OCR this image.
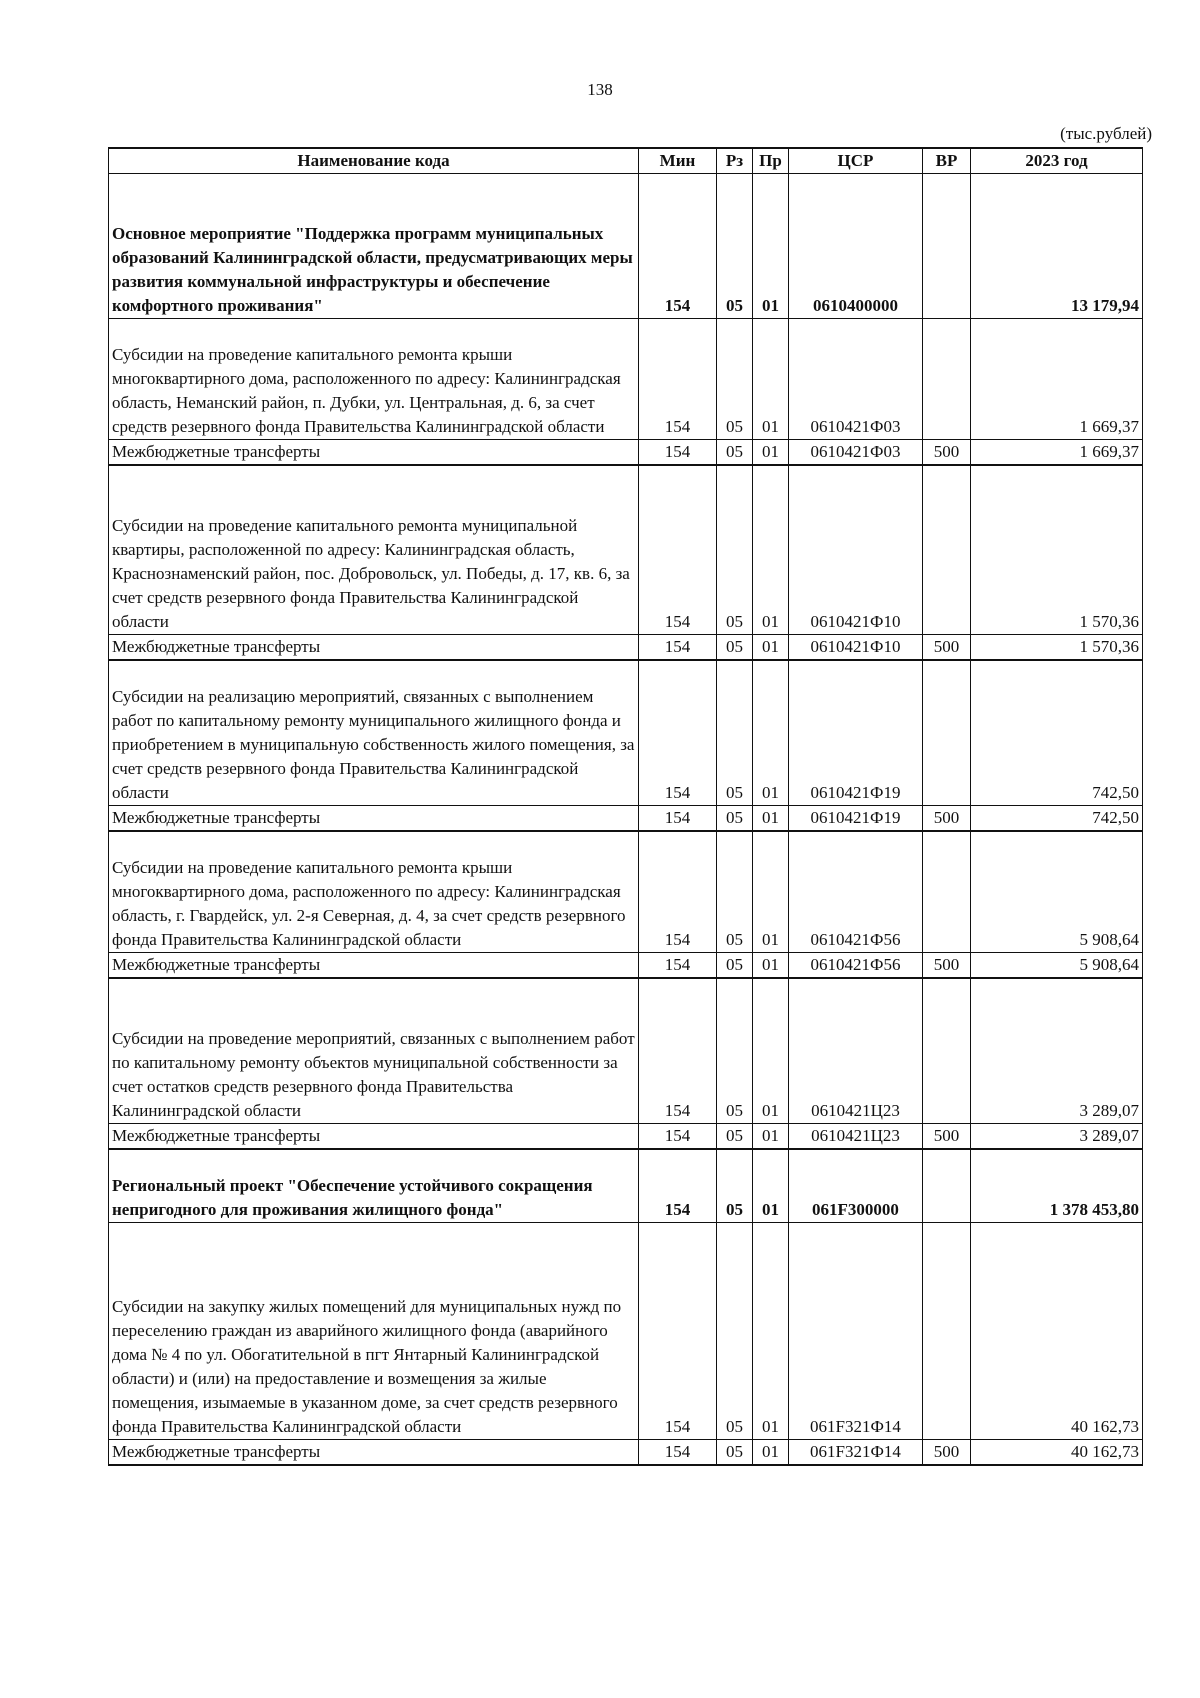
138
(тыс.рублей)
Наименование кода	Мин	Рз	Пр	ЦСР	ВР	2023 год
Основное мероприятие "Поддержка программ муниципальных образований Калининградской области, предусматривающих меры развития коммунальной инфраструктуры и обеспечение комфортного проживания"	154	05	01	0610400000		13 179,94
Субсидии на проведение капитального ремонта крыши многоквартирного дома, расположенного по адресу: Калининградская область, Неманский район, п. Дубки, ул. Центральная, д. 6, за счет средств резервного фонда Правительства Калининградской области	154	05	01	0610421Ф03		1 669,37
Межбюджетные трансферты	154	05	01	0610421Ф03	500	1 669,37
Субсидии на проведение капитального ремонта муниципальной квартиры, расположенной по адресу: Калининградская область, Краснознаменский район, пос. Добровольск, ул. Победы, д. 17, кв. 6, за счет средств резервного фонда Правительства Калининградской области	154	05	01	0610421Ф10		1 570,36
Межбюджетные трансферты	154	05	01	0610421Ф10	500	1 570,36
Субсидии на реализацию мероприятий, связанных с выполнением работ по капитальному ремонту муниципального жилищного фонда и приобретением в муниципальную собственность жилого помещения, за счет средств резервного фонда Правительства Калининградской области	154	05	01	0610421Ф19		742,50
Межбюджетные трансферты	154	05	01	0610421Ф19	500	742,50
Субсидии на проведение капитального ремонта крыши многоквартирного дома, расположенного по адресу: Калининградская область, г. Гвардейск, ул. 2-я Северная, д. 4, за счет средств резервного фонда Правительства Калининградской области	154	05	01	0610421Ф56		5 908,64
Межбюджетные трансферты	154	05	01	0610421Ф56	500	5 908,64
Субсидии на проведение мероприятий, связанных с выполнением работ по капитальному ремонту объектов муниципальной собственности за счет остатков средств резервного фонда Правительства Калининградской области	154	05	01	0610421Ц23		3 289,07
Межбюджетные трансферты	154	05	01	0610421Ц23	500	3 289,07
Региональный проект "Обеспечение устойчивого сокращения непригодного для проживания жилищного фонда"	154	05	01	061F300000		1 378 453,80
Субсидии на закупку жилых помещений для муниципальных нужд по переселению граждан из аварийного жилищного фонда (аварийного дома № 4 по ул. Обогатительной в пгт Янтарный Калининградской области) и (или) на предоставление и возмещения за жилые помещения, изымаемые в указанном доме, за счет средств резервного фонда Правительства Калининградской области	154	05	01	061F321Ф14		40 162,73
Межбюджетные трансферты	154	05	01	061F321Ф14	500	40 162,73
